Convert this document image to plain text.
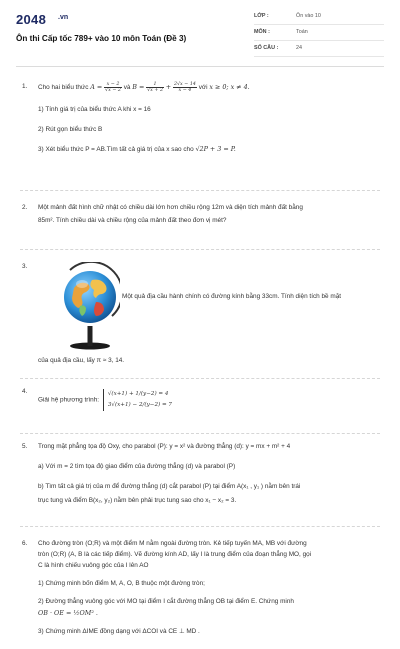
2048 .vn
Ôn thi Cấp tốc 789+ vào 10 môn Toán (Đề 3)
LỚP :	Ôn vào 10
MÔN :	Toán
SỐ CÂU :	24
1. Cho hai biểu thức $A = \frac{x - 2}{√x - 2}$ và $B = \frac{1}{√x + 2} + \frac{2√x - 14}{x - 4}$ với x ≥ 0; x ≠ 4.
1) Tính giá trị của biểu thức A khi x = 16
2) Rút gọn biểu thức B
3) Xét biểu thức P = AB.Tìm tất cả giá trị của x sao cho √2P + 3 = P.
2. Một mảnh đất hình chữ nhật có chiều dài lớn hơn chiều rộng 12m và diện tích mảnh đất bằng
85m². Tính chiều dài và chiều rộng của mảnh đất theo đơn vị mét?
3.
Một quả địa cầu hành chính có đường kính bằng 33cm. Tính diện tích bề mặt
của quả địa cầu, lấy π ≈ 3, 14.
4.
Giải hệ phương trình:
√(x+1) + 1/(y−2) = 4
3√(x+1) − 2/(y−2) = 7
5. Trong mặt phẳng tọa độ Oxy, cho parabol (P): y = x² và đường thẳng (d): y = mx + m² + 4
a) Với m = 2 tìm tọa độ giao điểm của đường thẳng (d) và parabol (P)
b) Tìm tất cả giá trị của m để đường thẳng (d) cắt parabol (P) tại điểm A(x₁ , y₁ ) nằm bên trái
trục tung và điểm B(x₂, y₂) nằm bên phải trục tung sao cho x₁ − x₂ = 3.
6. Cho đường tròn (O;R) và một điểm M nằm ngoài đường tròn. Kẻ tiếp tuyến MA, MB với đường
tròn (O;R) (A, B là các tiếp điểm). Vẽ đường kính AD, lấy I là trung điểm của đoạn thẳng MO, gọi
C là hình chiếu vuông góc của I lên AO
1) Chứng minh bốn điểm M, A, O, B thuộc một đường tròn;
2) Đường thẳng vuông góc với MO tại điểm I cắt đường thẳng OB tại điểm E. Chứng minh
OB · OE = ½OM² .
3) Chứng minh ΔIME đồng dạng với ΔCOI và CE ⊥ MD .
